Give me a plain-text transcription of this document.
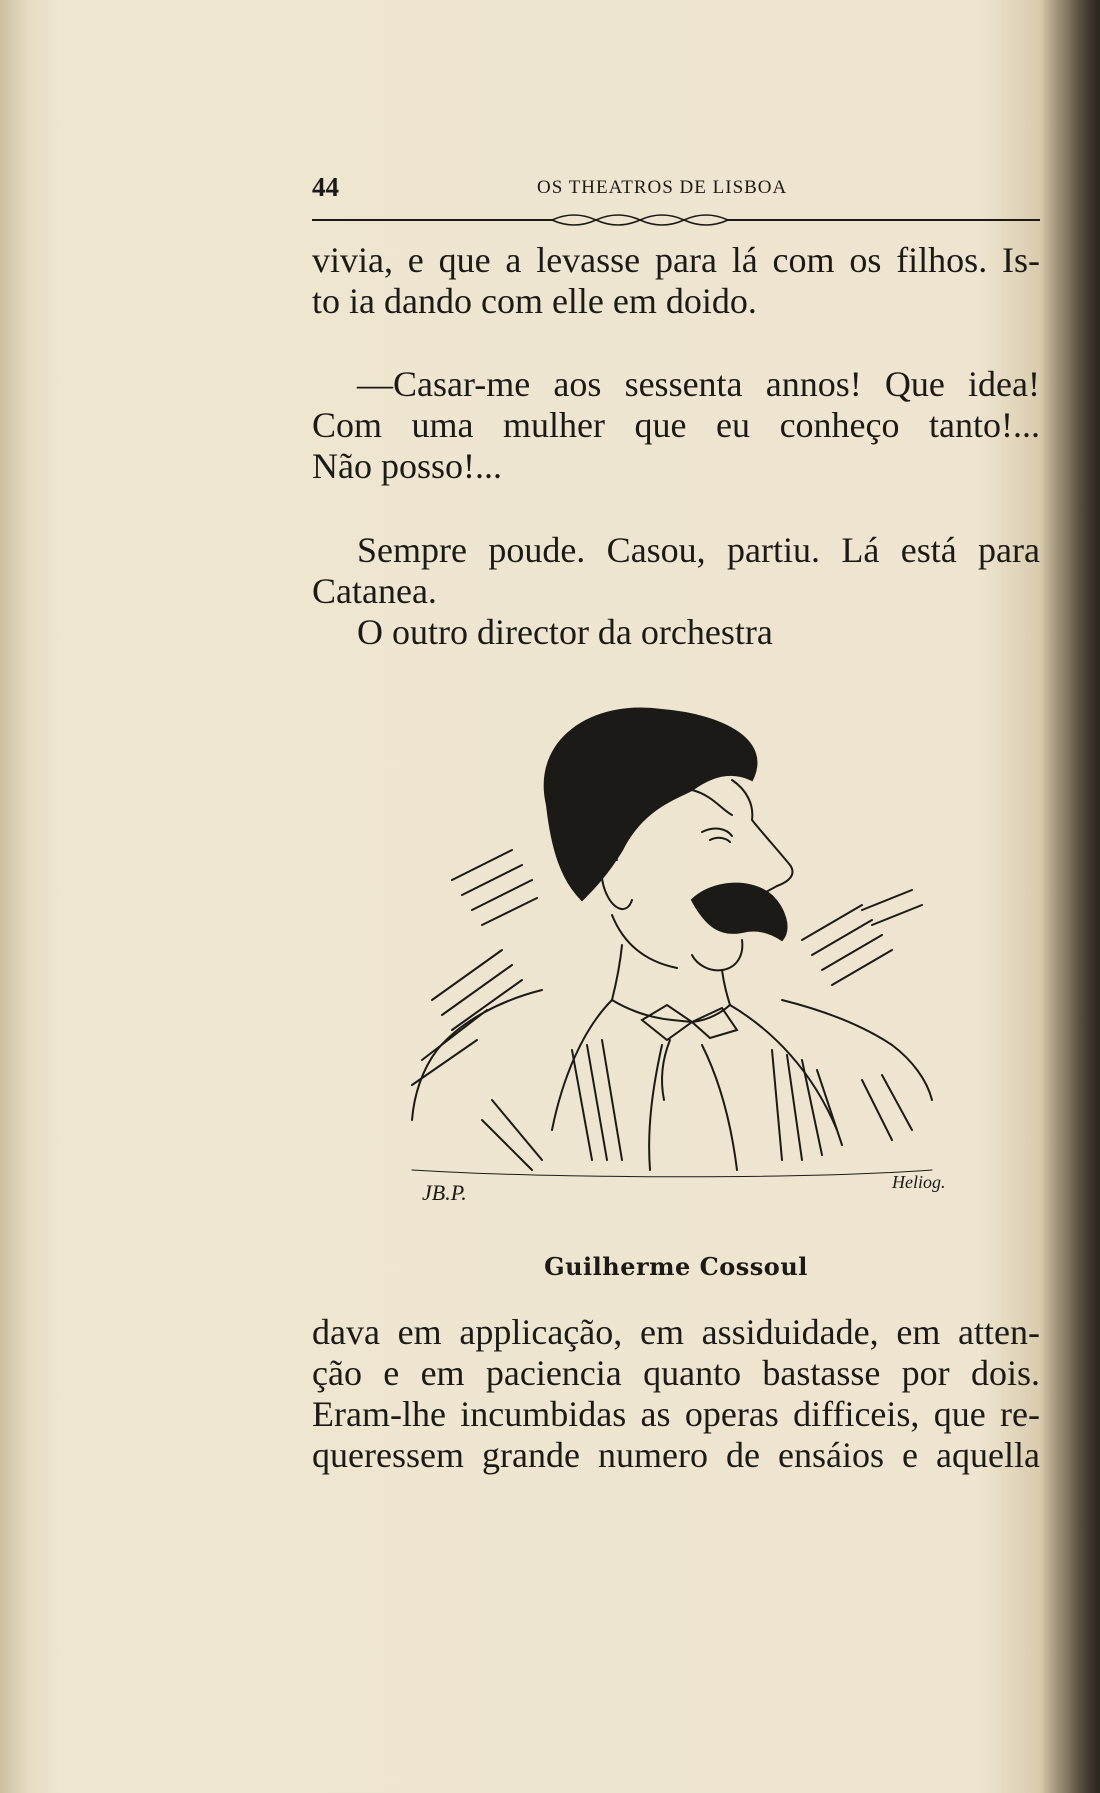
44	OS THEATROS DE LISBOA
vivia, e que a levasse para lá com os filhos. Is-
to ia dando com elle em doido.
—Casar-me aos sessenta annos! Que idea!
Com uma mulher que eu conheço tanto!...
Não posso!...
Sempre poude. Casou, partiu. Lá está para
Catanea.
O outro director da orchestra
JB.P.	Heliog.
Guilherme Cossoul
dava em applicação, em assiduidade, em atten-
ção e em paciencia quanto bastasse por dois.
Eram-lhe incumbidas as operas difficeis, que re-
queressem grande numero de ensáios e aquella
